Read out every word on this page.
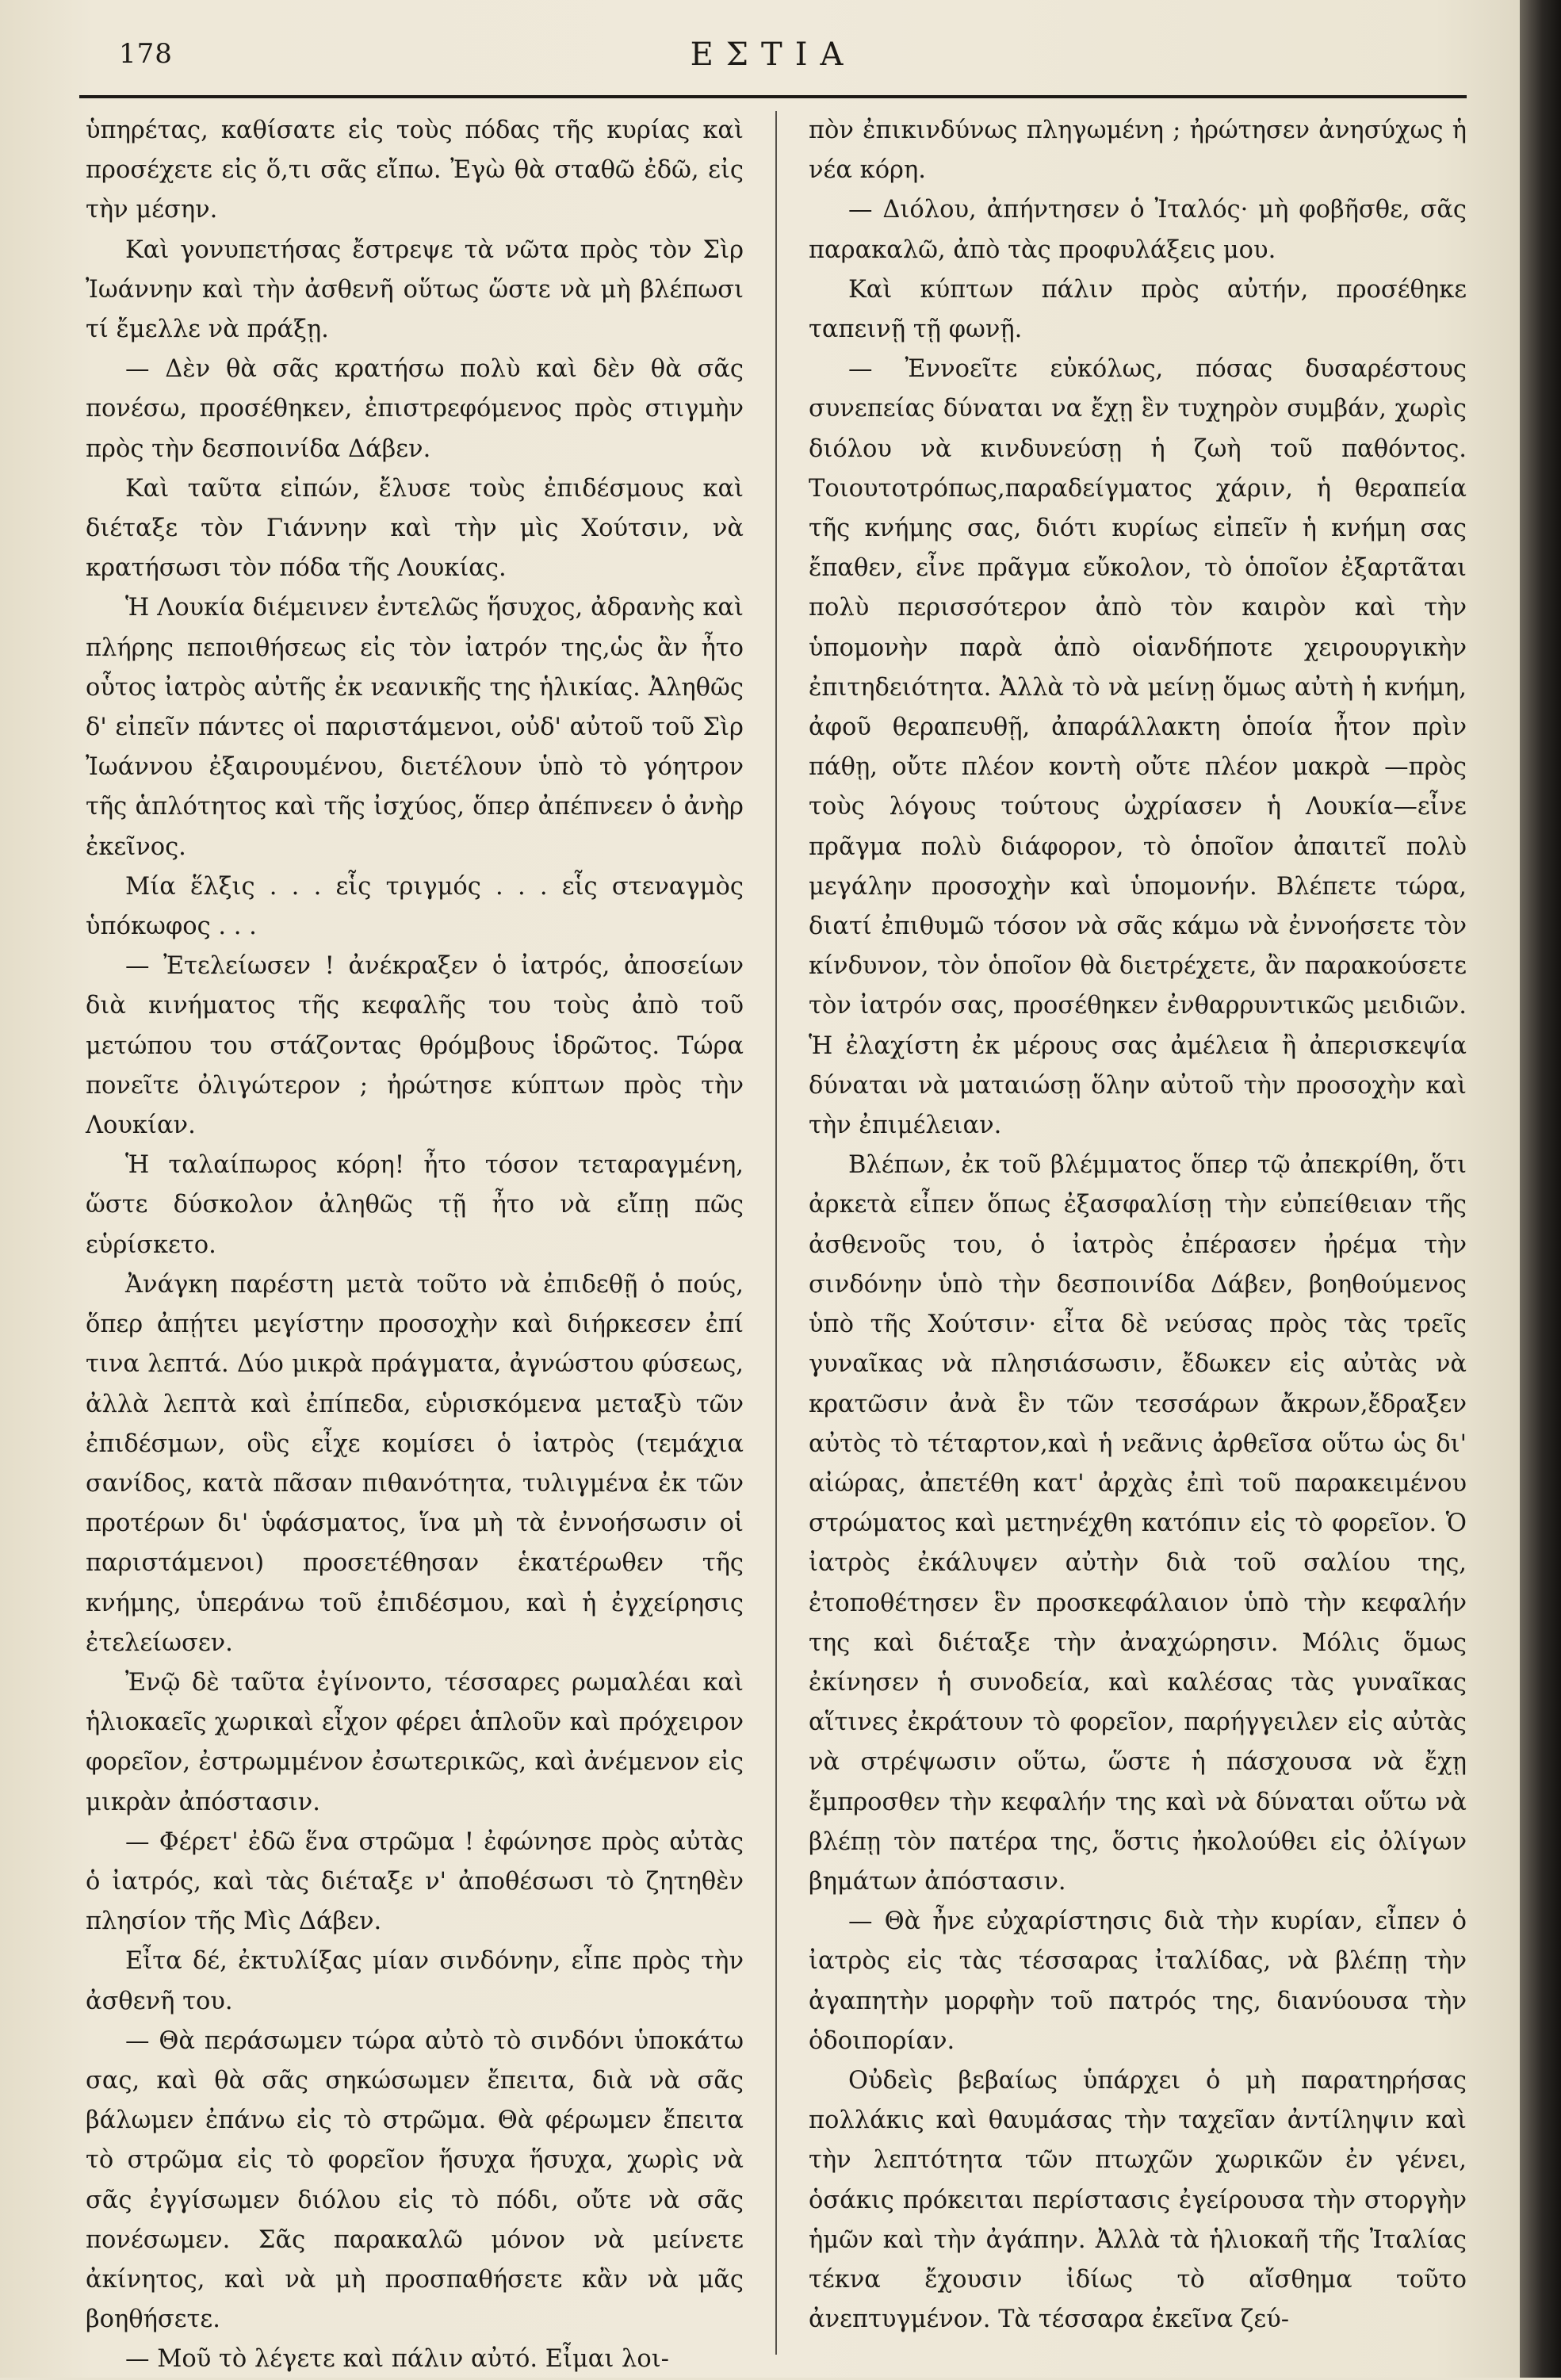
178	ΕΣΤΙΑ

ὑπηρέτας, καθίσατε εἰς τοὺς πόδας τῆς κυρίας καὶ προσέχετε εἰς ὅ,τι σᾶς εἴπω. Ἐγὼ θὰ σταθῶ ἐδῶ, εἰς τὴν μέσην.

Καὶ γονυπετήσας ἔστρεψε τὰ νῶτα πρὸς τὸν Σὶρ Ἰωάννην καὶ τὴν ἀσθενῆ οὕτως ὥστε νὰ μὴ βλέπωσι τί ἔμελλε νὰ πράξῃ.

— Δὲν θὰ σᾶς κρατήσω πολὺ καὶ δὲν θὰ σᾶς πονέσω, προσέθηκεν, ἐπιστρεφόμενος πρὸς στιγμὴν πρὸς τὴν δεσποινίδα Δάβεν.

Καὶ ταῦτα εἰπών, ἔλυσε τοὺς ἐπιδέσμους καὶ διέταξε τὸν Γιάννην καὶ τὴν μὶς Χούτσιν, νὰ κρατήσωσι τὸν πόδα τῆς Λουκίας.

Ἡ Λουκία διέμεινεν ἐντελῶς ἥσυχος, ἀδρανὴς καὶ πλήρης πεποιθήσεως εἰς τὸν ἰατρόν της,ὡς ἂν ἦτο οὗτος ἰατρὸς αὐτῆς ἐκ νεανικῆς της ἡλικίας. Ἀληθῶς δ' εἰπεῖν πάντες οἱ παριστάμενοι, οὐδ' αὐτοῦ τοῦ Σὶρ Ἰωάννου ἐξαιρουμένου, διετέλουν ὑπὸ τὸ γόητρον τῆς ἁπλότητος καὶ τῆς ἰσχύος, ὅπερ ἀπέπνεεν ὁ ἀνὴρ ἐκεῖνος.

Μία ἕλξις . . . εἷς τριγμός . . . εἷς στεναγμὸς ὑπόκωφος . . .

— Ἐτελείωσεν ! ἀνέκραξεν ὁ ἰατρός, ἀποσείων διὰ κινήματος τῆς κεφαλῆς του τοὺς ἀπὸ τοῦ μετώπου του στάζοντας θρόμβους ἱδρῶτος. Τώρα πονεῖτε ὀλιγώτερον ; ἠρώτησε κύπτων πρὸς τὴν Λουκίαν.

Ἡ ταλαίπωρος κόρη! ἦτο τόσον τεταραγμένη, ὥστε δύσκολον ἀληθῶς τῇ ἦτο νὰ εἴπῃ πῶς εὑρίσκετο.

Ἀνάγκη παρέστη μετὰ τοῦτο νὰ ἐπιδεθῇ ὁ πούς, ὅπερ ἀπῄτει μεγίστην προσοχὴν καὶ διήρκεσεν ἐπί τινα λεπτά. Δύο μικρὰ πράγματα, ἀγνώστου φύσεως, ἀλλὰ λεπτὰ καὶ ἐπίπεδα, εὑρισκόμενα μεταξὺ τῶν ἐπιδέσμων, οὓς εἶχε κομίσει ὁ ἰατρὸς (τεμάχια σανίδος, κατὰ πᾶσαν πιθανότητα, τυλιγμένα ἐκ τῶν προτέρων δι' ὑφάσματος, ἵνα μὴ τὰ ἐννοήσωσιν οἱ παριστάμενοι) προσετέθησαν ἑκατέρωθεν τῆς κνήμης, ὑπεράνω τοῦ ἐπιδέσμου, καὶ ἡ ἐγχείρησις ἐτελείωσεν.

Ἐνῷ δὲ ταῦτα ἐγίνοντο, τέσσαρες ρωμαλέαι καὶ ἡλιοκαεῖς χωρικαὶ εἶχον φέρει ἁπλοῦν καὶ πρόχειρον φορεῖον, ἐστρωμμένον ἐσωτερικῶς, καὶ ἀνέμενον εἰς μικρὰν ἀπόστασιν.

— Φέρετ' ἐδῶ ἕνα στρῶμα ! ἐφώνησε πρὸς αὐτὰς ὁ ἰατρός, καὶ τὰς διέταξε ν' ἀποθέσωσι τὸ ζητηθὲν πλησίον τῆς Μὶς Δάβεν.

Εἶτα δέ, ἐκτυλίξας μίαν σινδόνην, εἶπε πρὸς τὴν ἀσθενῆ του.

— Θὰ περάσωμεν τώρα αὐτὸ τὸ σινδόνι ὑποκάτω σας, καὶ θὰ σᾶς σηκώσωμεν ἔπειτα, διὰ νὰ σᾶς βάλωμεν ἐπάνω εἰς τὸ στρῶμα. Θὰ φέρωμεν ἔπειτα τὸ στρῶμα εἰς τὸ φορεῖον ἥσυχα ἥσυχα, χωρὶς νὰ σᾶς ἐγγίσωμεν διόλου εἰς τὸ πόδι, οὔτε νὰ σᾶς πονέσωμεν. Σᾶς παρακαλῶ μόνον νὰ μείνετε ἀκίνητος, καὶ νὰ μὴ προσπαθήσετε κἂν νὰ μᾶς βοηθήσετε.

— Μοῦ τὸ λέγετε καὶ πάλιν αὐτό. Εἶμαι λοι-

πὸν ἐπικινδύνως πληγωμένη ; ἠρώτησεν ἀνησύχως ἡ νέα κόρη.

— Διόλου, ἀπήντησεν ὁ Ἰταλός· μὴ φοβῆσθε, σᾶς παρακαλῶ, ἀπὸ τὰς προφυλάξεις μου.

Καὶ κύπτων πάλιν πρὸς αὐτήν, προσέθηκε ταπεινῇ τῇ φωνῇ.

— Ἐννοεῖτε εὐκόλως, πόσας δυσαρέστους συνεπείας δύναται να ἔχῃ ἓν τυχηρὸν συμβάν, χωρὶς διόλου νὰ κινδυνεύσῃ ἡ ζωὴ τοῦ παθόντος. Τοιουτοτρόπως,παραδείγματος χάριν, ἡ θεραπεία τῆς κνήμης σας, διότι κυρίως εἰπεῖν ἡ κνήμη σας ἔπαθεν, εἶνε πρᾶγμα εὔκολον, τὸ ὁποῖον ἐξαρτᾶται πολὺ περισσότερον ἀπὸ τὸν καιρὸν καὶ τὴν ὑπομονὴν παρὰ ἀπὸ οἱανδήποτε χειρουργικὴν ἐπιτηδειότητα. Ἀλλὰ τὸ νὰ μείνῃ ὅμως αὐτὴ ἡ κνήμη, ἀφοῦ θεραπευθῇ, ἀπαράλλακτη ὁποία ἦτον πρὶν πάθῃ, οὔτε πλέον κοντὴ οὔτε πλέον μακρὰ —πρὸς τοὺς λόγους τούτους ὠχρίασεν ἡ Λουκία—εἶνε πρᾶγμα πολὺ διάφορον, τὸ ὁποῖον ἀπαιτεῖ πολὺ μεγάλην προσοχὴν καὶ ὑπομονήν. Βλέπετε τώρα, διατί ἐπιθυμῶ τόσον νὰ σᾶς κάμω νὰ ἐννοήσετε τὸν κίνδυνον, τὸν ὁποῖον θὰ διετρέχετε, ἂν παρακούσετε τὸν ἰατρόν σας, προσέθηκεν ἐνθαρρυντικῶς μειδιῶν. Ἡ ἐλαχίστη ἐκ μέρους σας ἀμέλεια ἢ ἀπερισκεψία δύναται νὰ ματαιώσῃ ὅλην αὐτοῦ τὴν προσοχὴν καὶ τὴν ἐπιμέλειαν.

Βλέπων, ἐκ τοῦ βλέμματος ὅπερ τῷ ἀπεκρίθη, ὅτι ἀρκετὰ εἶπεν ὅπως ἐξασφαλίσῃ τὴν εὐπείθειαν τῆς ἀσθενοῦς του, ὁ ἰατρὸς ἐπέρασεν ἠρέμα τὴν σινδόνην ὑπὸ τὴν δεσποινίδα Δάβεν, βοηθούμενος ὑπὸ τῆς Χούτσιν· εἶτα δὲ νεύσας πρὸς τὰς τρεῖς γυναῖκας νὰ πλησιάσωσιν, ἔδωκεν εἰς αὐτὰς νὰ κρατῶσιν ἀνὰ ἓν τῶν τεσσάρων ἄκρων,ἔδραξεν αὐτὸς τὸ τέταρτον,καὶ ἡ νεᾶνις ἀρθεῖσα οὕτω ὡς δι' αἰώρας, ἀπετέθη κατ' ἀρχὰς ἐπὶ τοῦ παρακειμένου στρώματος καὶ μετηνέχθη κατόπιν εἰς τὸ φορεῖον. Ὁ ἰατρὸς ἐκάλυψεν αὐτὴν διὰ τοῦ σαλίου της, ἐτοποθέτησεν ἓν προσκεφάλαιον ὑπὸ τὴν κεφαλήν της καὶ διέταξε τὴν ἀναχώρησιν. Μόλις ὅμως ἐκίνησεν ἡ συνοδεία, καὶ καλέσας τὰς γυναῖκας αἵτινες ἐκράτουν τὸ φορεῖον, παρήγγειλεν εἰς αὐτὰς νὰ στρέψωσιν οὕτω, ὥστε ἡ πάσχουσα νὰ ἔχῃ ἔμπροσθεν τὴν κεφαλήν της καὶ νὰ δύναται οὕτω νὰ βλέπῃ τὸν πατέρα της, ὅστις ἠκολούθει εἰς ὀλίγων βημάτων ἀπόστασιν.

— Θὰ ἦνε εὐχαρίστησις διὰ τὴν κυρίαν, εἶπεν ὁ ἰατρὸς εἰς τὰς τέσσαρας ἰταλίδας, νὰ βλέπῃ τὴν ἀγαπητὴν μορφὴν τοῦ πατρός της, διανύουσα τὴν ὁδοιπορίαν.

Οὐδεὶς βεβαίως ὑπάρχει ὁ μὴ παρατηρήσας πολλάκις καὶ θαυμάσας τὴν ταχεῖαν ἀντίληψιν καὶ τὴν λεπτότητα τῶν πτωχῶν χωρικῶν ἐν γένει, ὁσάκις πρόκειται περίστασις ἐγείρουσα τὴν στοργὴν ἡμῶν καὶ τὴν ἀγάπην. Ἀλλὰ τὰ ἡλιοκαῆ τῆς Ἰταλίας τέκνα ἔχουσιν ἰδίως τὸ αἴσθημα τοῦτο ἀνεπτυγμένον. Τὰ τέσσαρα ἐκεῖνα ζεύ-
